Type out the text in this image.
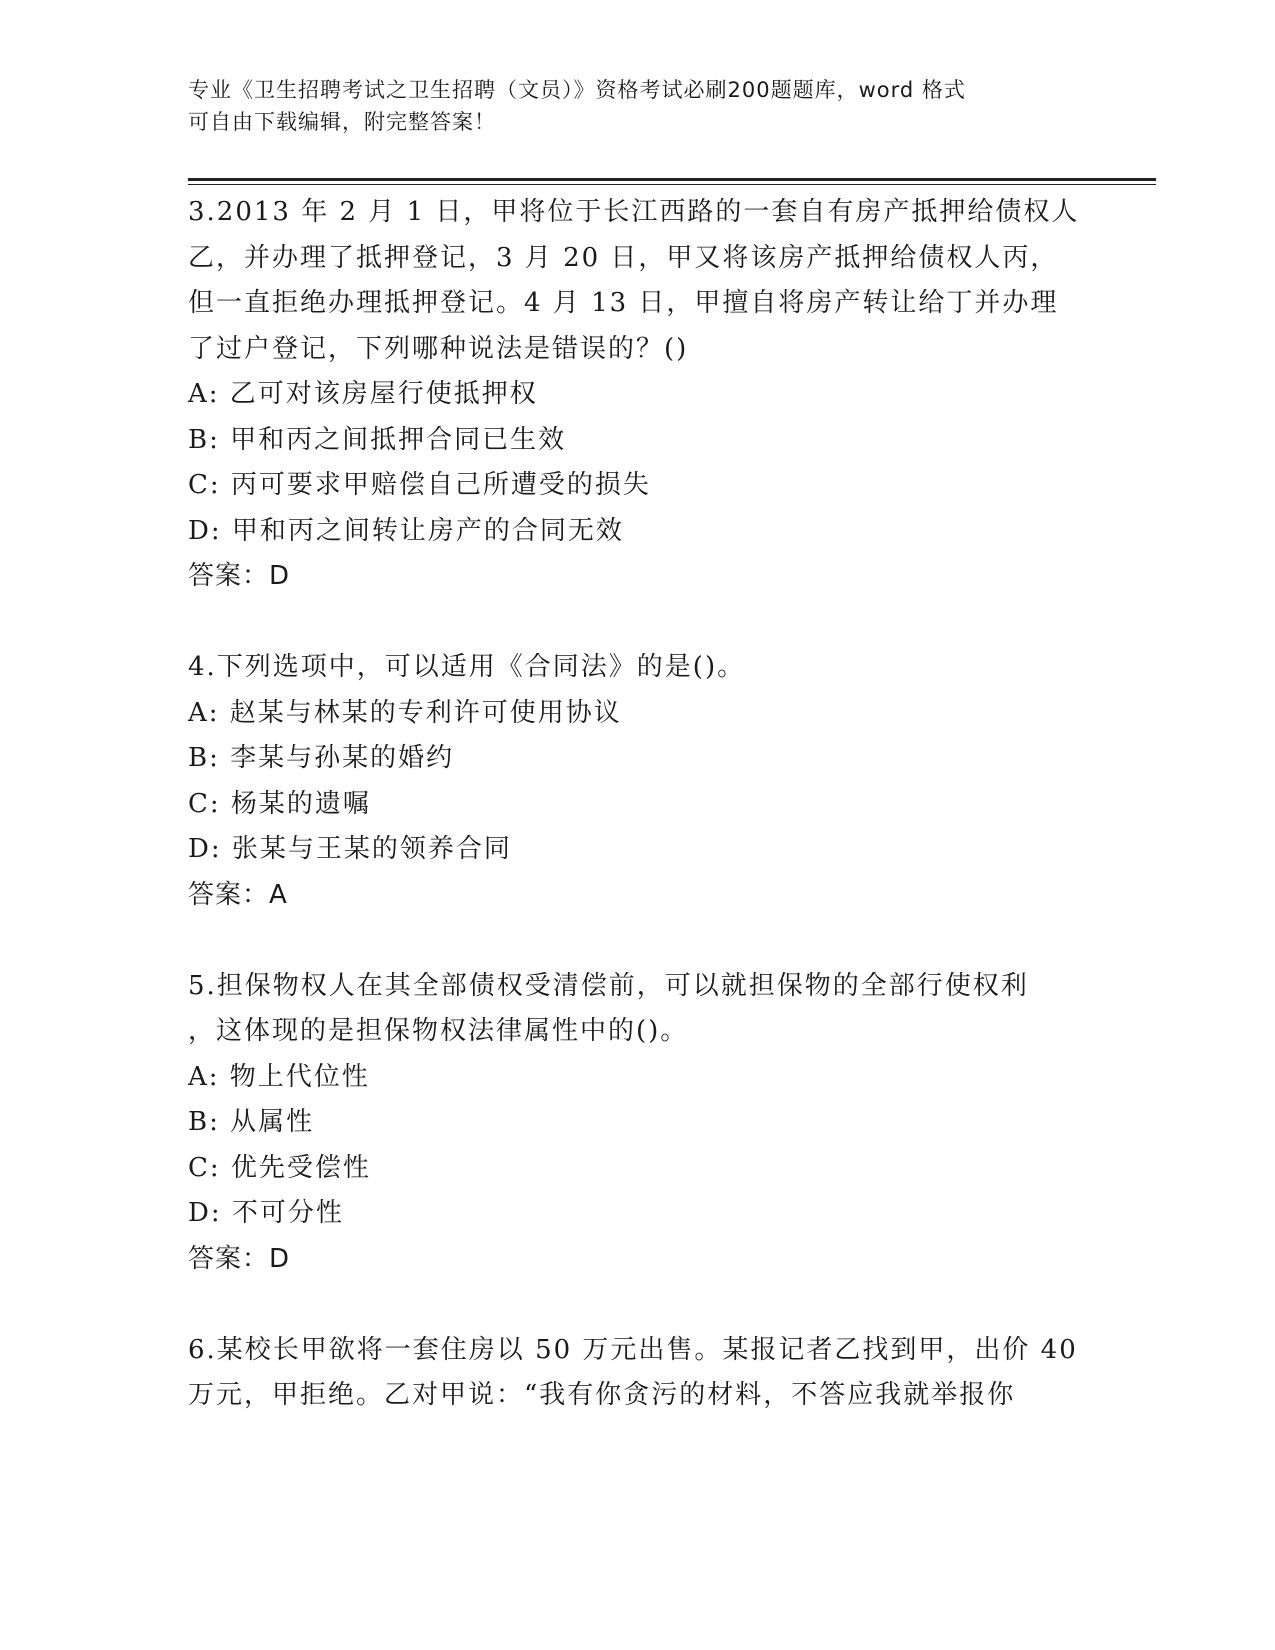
专业《卫生招聘考试之卫生招聘（文员）》资格考试必刷200题题库，word 格式
可自由下载编辑，附完整答案！
3.2013 年 2 月 1 日，甲将位于长江西路的一套自有房产抵押给债权人
乙，并办理了抵押登记，3 月 20 日，甲又将该房产抵押给债权人丙，
但一直拒绝办理抵押登记。4 月 13 日，甲擅自将房产转让给丁并办理
了过户登记，下列哪种说法是错误的？()
A: 乙可对该房屋行使抵押权
B: 甲和丙之间抵押合同已生效
C: 丙可要求甲赔偿自己所遭受的损失
D: 甲和丙之间转让房产的合同无效
答案：D
4.下列选项中，可以适用《合同法》的是()。
A: 赵某与林某的专利许可使用协议
B: 李某与孙某的婚约
C: 杨某的遗嘱
D: 张某与王某的领养合同
答案：A
5.担保物权人在其全部债权受清偿前，可以就担保物的全部行使权利
，这体现的是担保物权法律属性中的()。
A: 物上代位性
B: 从属性
C: 优先受偿性
D: 不可分性
答案：D
6.某校长甲欲将一套住房以 50 万元出售。某报记者乙找到甲，出价 40
万元，甲拒绝。乙对甲说：“我有你贪污的材料，不答应我就举报你
